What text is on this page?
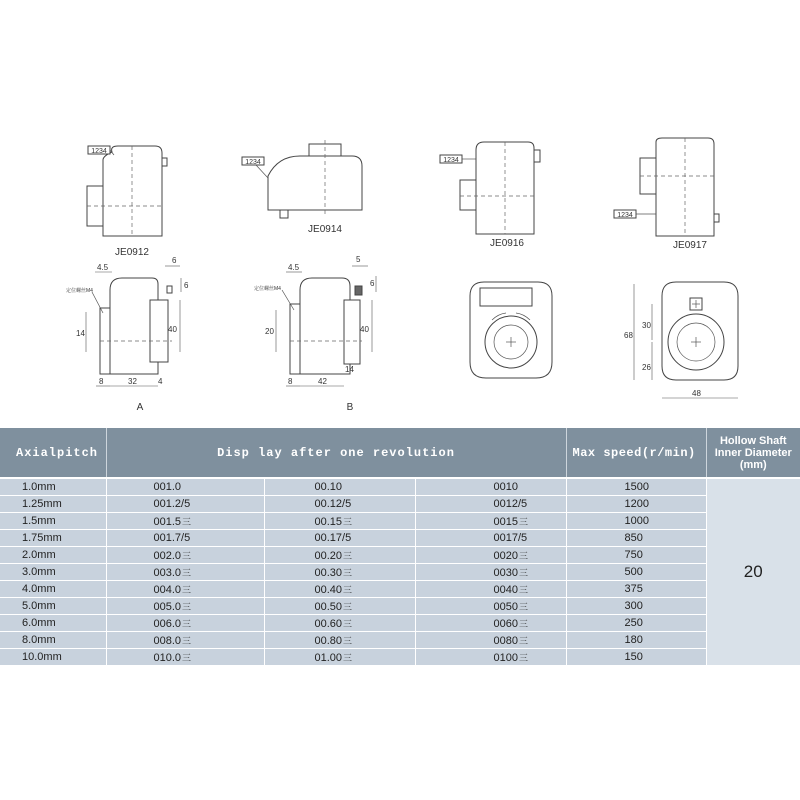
1234
JE0912
1234
JE0914
1234
JE0916
1234
JE0917
定位螺丝M4
4.5
6
6
14	40
8	32	4
A
定位螺丝M4
4.5
5
6
20	40
8	42
14
B
68
30
26
48
Axialpitch	Disp lay after one revolution			Max speed(r/min)	Hollow Shaft
Inner Diameter
(mm)
1.0mm	001.0	00.10	0010	1500	20
1.25mm	001.2/5	00.12/5	0012/5	1200	
1.5mm	001.5三	00.15三	0015三	1000	
1.75mm	001.7/5	00.17/5	0017/5	850	
2.0mm	002.0三	00.20三	0020三	750	
3.0mm	003.0三	00.30三	0030三	500	
4.0mm	004.0三	00.40三	0040三	375	
5.0mm	005.0三	00.50三	0050三	300	
6.0mm	006.0三	00.60三	0060三	250	
8.0mm	008.0三	00.80三	0080三	180	
10.0mm	010.0三	01.00三	0100三	150	
